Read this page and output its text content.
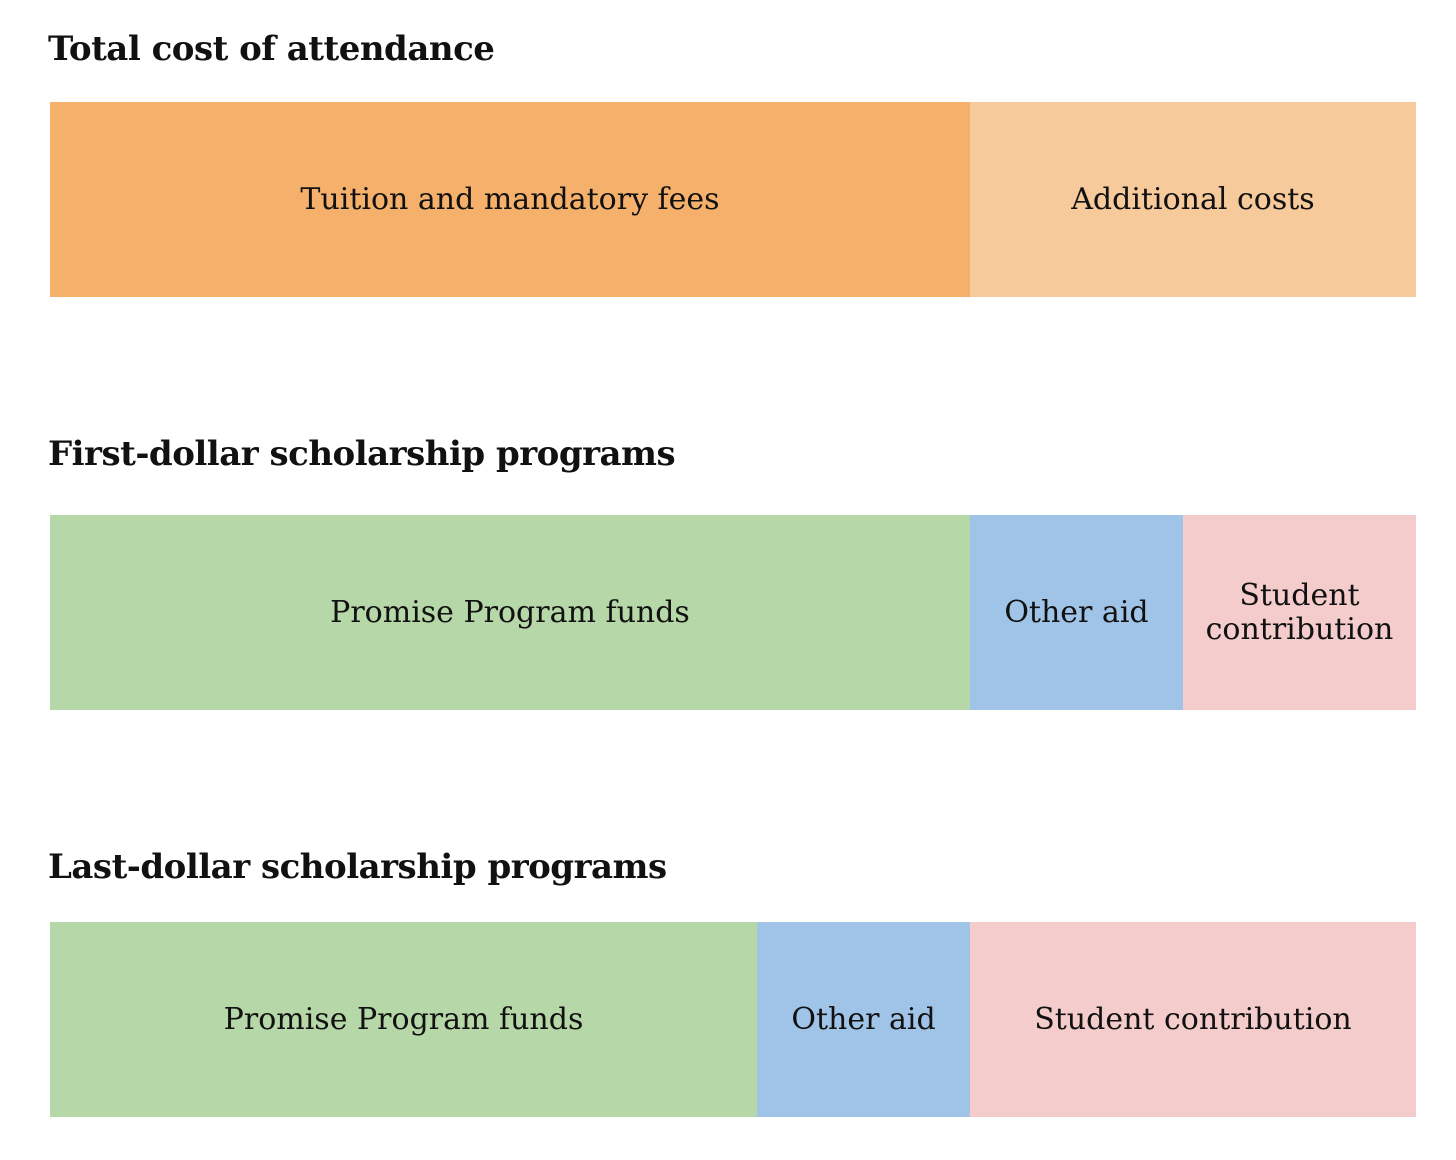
Total cost of attendance
Tuition and mandatory fees	Additional costs
First-dollar scholarship programs
Promise Program funds	Other aid	Student
contribution
Last-dollar scholarship programs
Promise Program funds	Other aid	Student contribution
